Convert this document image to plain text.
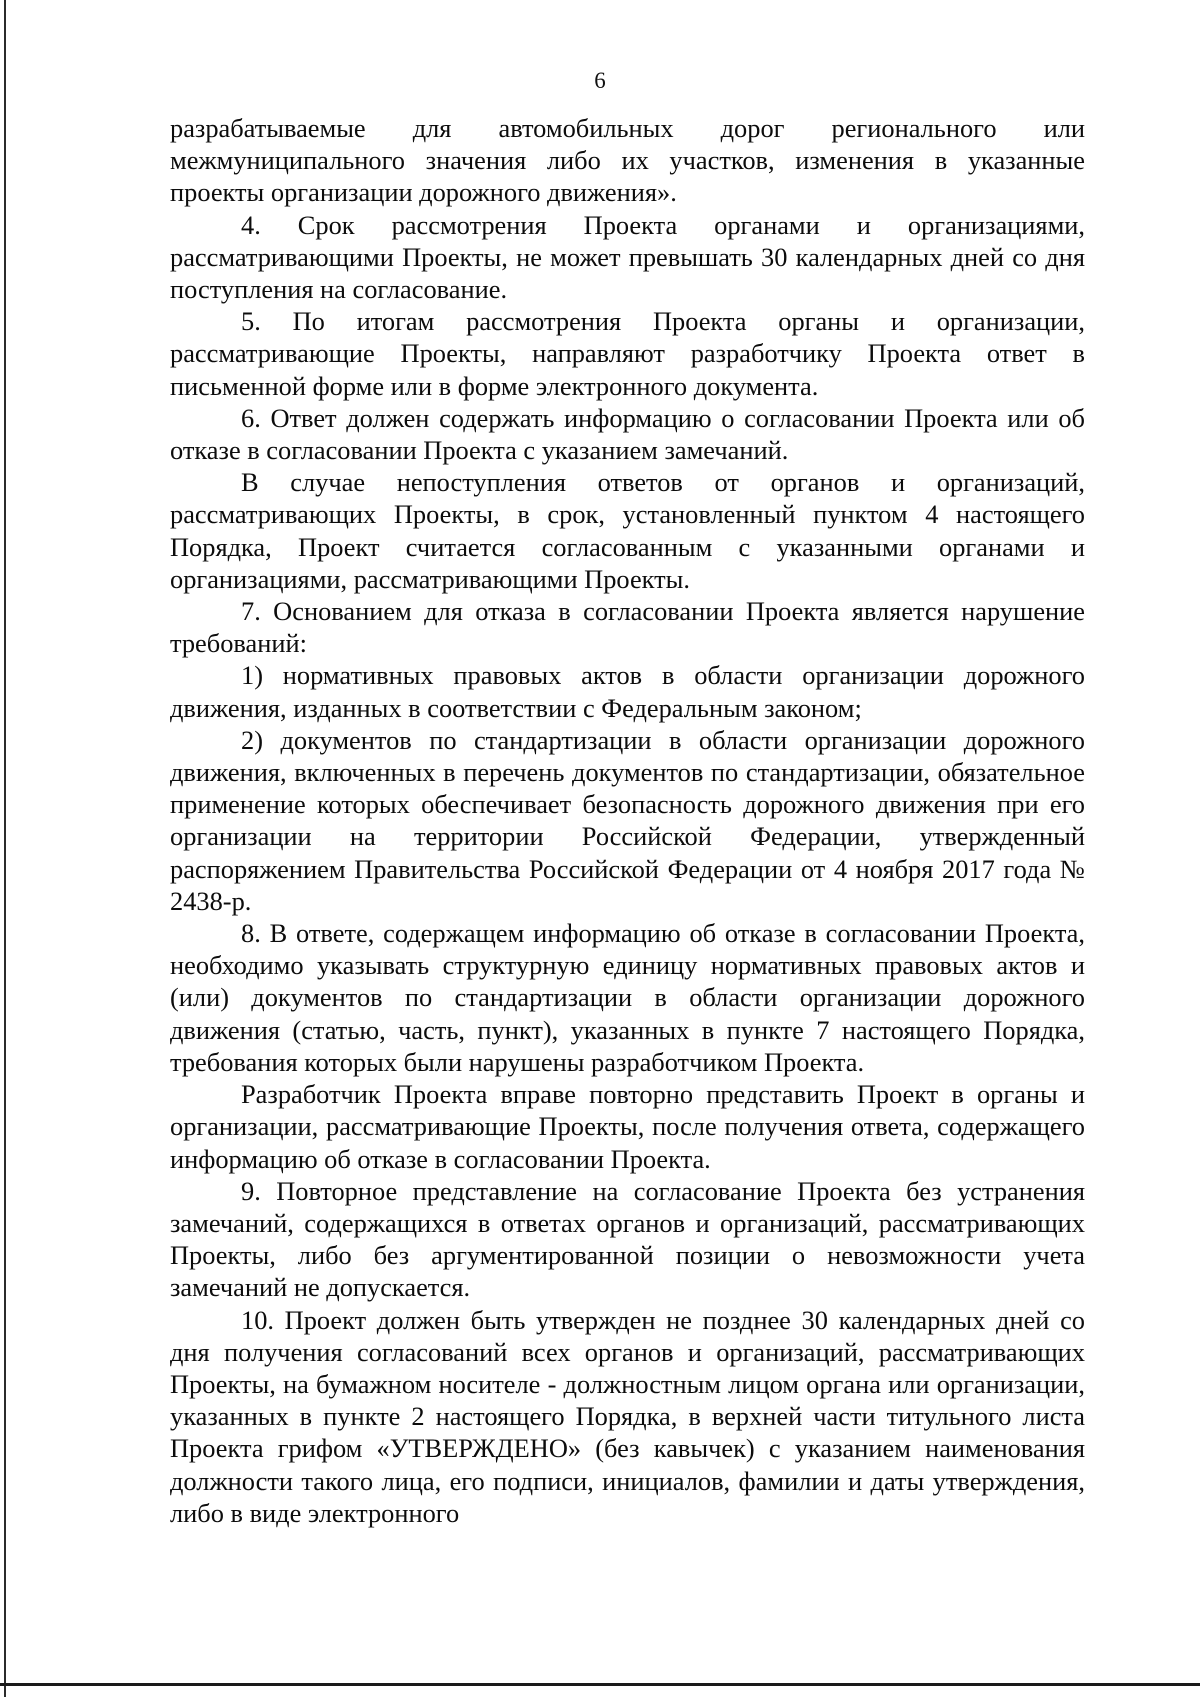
6

разрабатываемые для автомобильных дорог регионального или межмуниципального значения либо их участков, изменения в указанные проекты организации дорожного движения».

4. Срок рассмотрения Проекта органами и организациями, рассматривающими Проекты, не может превышать 30 календарных дней со дня поступления на согласование.

5. По итогам рассмотрения Проекта органы и организации, рассматривающие Проекты, направляют разработчику Проекта ответ в письменной форме или в форме электронного документа.

6. Ответ должен содержать информацию о согласовании Проекта или об отказе в согласовании Проекта с указанием замечаний.

В случае непоступления ответов от органов и организаций, рассматривающих Проекты, в срок, установленный пунктом 4 настоящего Порядка, Проект считается согласованным с указанными органами и организациями, рассматривающими Проекты.

7. Основанием для отказа в согласовании Проекта является нарушение требований:

1) нормативных правовых актов в области организации дорожного движения, изданных в соответствии с Федеральным законом;

2) документов по стандартизации в области организации дорожного движения, включенных в перечень документов по стандартизации, обязательное применение которых обеспечивает безопасность дорожного движения при его организации на территории Российской Федерации, утвержденный распоряжением Правительства Российской Федерации от 4 ноября 2017 года № 2438-р.

8. В ответе, содержащем информацию об отказе в согласовании Проекта, необходимо указывать структурную единицу нормативных правовых актов и (или) документов по стандартизации в области организации дорожного движения (статью, часть, пункт), указанных в пункте 7 настоящего Порядка, требования которых были нарушены разработчиком Проекта.

Разработчик Проекта вправе повторно представить Проект в органы и организации, рассматривающие Проекты, после получения ответа, содержащего информацию об отказе в согласовании Проекта.

9. Повторное представление на согласование Проекта без устранения замечаний, содержащихся в ответах органов и организаций, рассматривающих Проекты, либо без аргументированной позиции о невозможности учета замечаний не допускается.

10. Проект должен быть утвержден не позднее 30 календарных дней со дня получения согласований всех органов и организаций, рассматривающих Проекты, на бумажном носителе - должностным лицом органа или организации, указанных в пункте 2 настоящего Порядка, в верхней части титульного листа Проекта грифом «УТВЕРЖДЕНО» (без кавычек) с указанием наименования должности такого лица, его подписи, инициалов, фамилии и даты утверждения, либо в виде электронного
